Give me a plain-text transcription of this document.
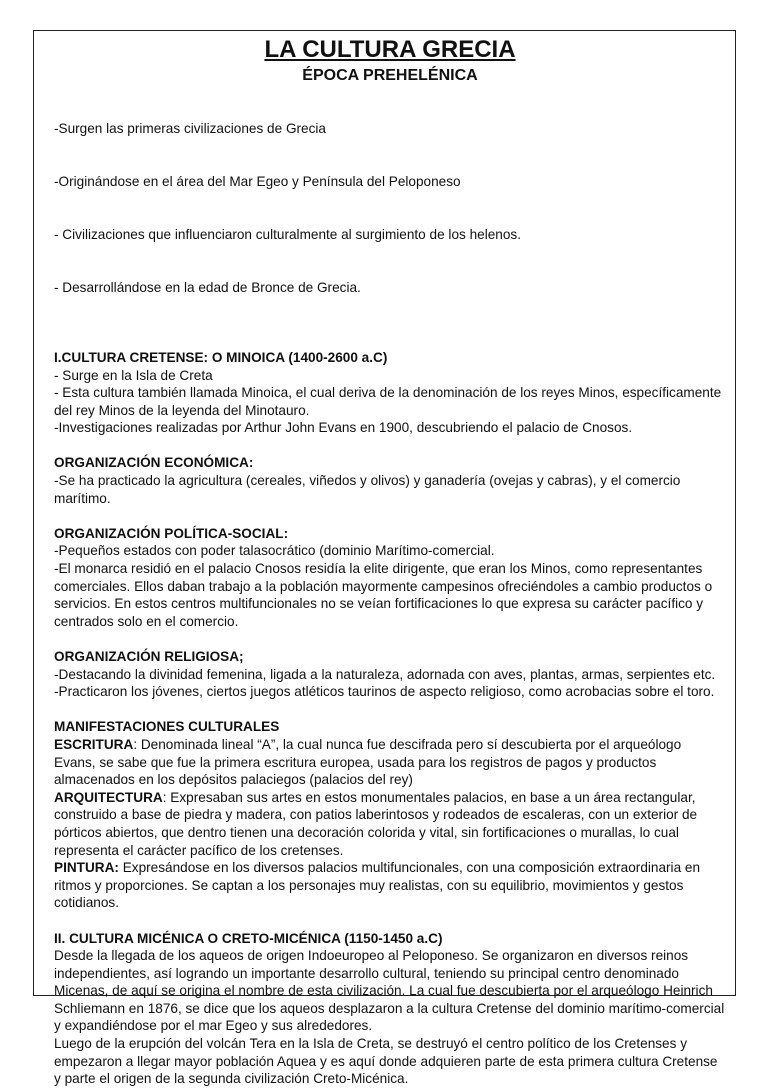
LA CULTURA GRECIA
ÉPOCA PREHELÉNICA

-Surgen las primeras civilizaciones de Grecia

-Originándose en el área del Mar Egeo y Península del Peloponeso

- Civilizaciones que influenciaron culturalmente al surgimiento de los helenos.

- Desarrollándose en la edad de Bronce de Grecia.

I.CULTURA CRETENSE: O MINOICA (1400-2600 a.C)

- Surge en la Isla de Creta

- Esta cultura también llamada Minoica, el cual deriva de la denominación de los reyes Minos, específicamente del rey Minos de la leyenda del Minotauro.

-Investigaciones realizadas por Arthur John Evans en 1900, descubriendo el palacio de Cnosos.

ORGANIZACIÓN ECONÓMICA:

-Se ha practicado la agricultura (cereales, viñedos y olivos) y ganadería (ovejas y cabras), y el comercio marítimo.

ORGANIZACIÓN POLÍTICA-SOCIAL:

-Pequeños estados con poder talasocrático (dominio Marítimo-comercial.

-El monarca residió en el palacio Cnosos residía la elite dirigente, que eran los Minos, como representantes comerciales. Ellos daban trabajo a la población mayormente campesinos ofreciéndoles a cambio productos o servicios. En estos centros multifuncionales no se veían fortificaciones lo que expresa su carácter pacífico y centrados solo en el comercio.

ORGANIZACIÓN RELIGIOSA;

-Destacando la divinidad femenina, ligada a la naturaleza, adornada con aves, plantas, armas, serpientes etc.

-Practicaron los jóvenes, ciertos juegos atléticos taurinos de aspecto religioso, como acrobacias sobre el toro.

MANIFESTACIONES CULTURALES

ESCRITURA: Denominada lineal “A”, la cual nunca fue descifrada pero sí descubierta por el arqueólogo Evans, se sabe que fue la primera escritura europea, usada para los registros de pagos y productos almacenados en los depósitos palaciegos (palacios del rey)

ARQUITECTURA: Expresaban sus artes en estos monumentales palacios, en base a un área rectangular, construido a base de piedra y madera, con patios laberintosos y rodeados de escaleras, con un exterior de pórticos abiertos, que dentro tienen una decoración colorida y vital, sin fortificaciones o murallas, lo cual representa el carácter pacífico de los cretenses.

PINTURA: Expresándose en los diversos palacios multifuncionales, con una composición extraordinaria en ritmos y proporciones. Se captan a los personajes muy realistas, con su equilibrio, movimientos y gestos cotidianos.

II. CULTURA MICÉNICA O CRETO-MICÉNICA (1150-1450 a.C)

Desde la llegada de los aqueos de origen Indoeuropeo al Peloponeso. Se organizaron en diversos reinos independientes, así logrando un importante desarrollo cultural, teniendo su principal centro denominado Micenas, de aquí se origina el nombre de esta civilización. La cual fue descubierta por el arqueólogo Heinrich Schliemann en 1876, se dice que los aqueos desplazaron a la cultura Cretense del dominio marítimo-comercial y expandiéndose por el mar Egeo y sus alrededores.

Luego de la erupción del volcán Tera en la Isla de Creta, se destruyó el centro político de los Cretenses y empezaron a llegar mayor población Aquea y es aquí donde adquieren parte de esta primera cultura Cretense y parte el origen de la segunda civilización Creto-Micénica.
